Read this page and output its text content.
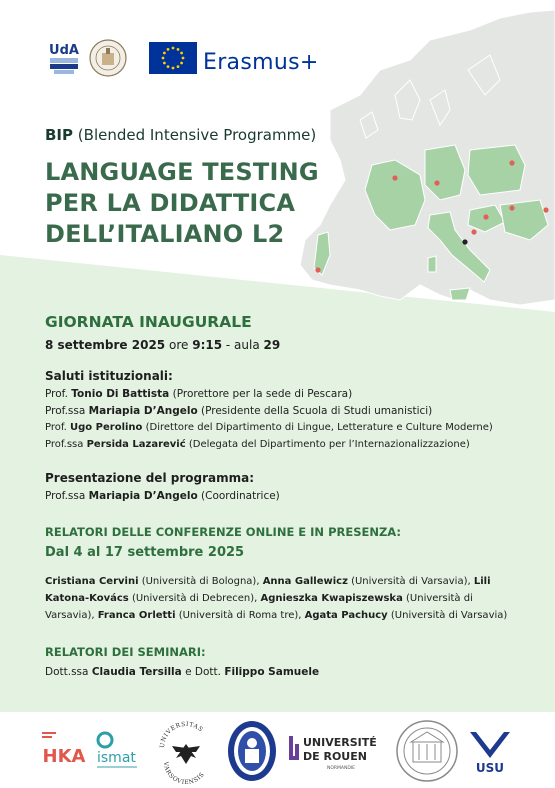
UdA	Erasmus+
BIP (Blended Intensive Programme)
LANGUAGE TESTING
PER LA DIDATTICA
DELL’ITALIANO L2
GIORNATA INAUGURALE
8 settembre 2025 ore 9:15 - aula 29
Saluti istituzionali:
Prof. Tonio Di Battista (Prorettore per la sede di Pescara)
Prof.ssa Mariapia D’Angelo (Presidente della Scuola di Studi umanistici)
Prof. Ugo Perolino (Direttore del Dipartimento di Lingue, Letterature e Culture Moderne)
Prof.ssa Persida Lazarević (Delegata del Dipartimento per l’Internazionalizzazione)
Presentazione del programma:
Prof.ssa Mariapia D’Angelo (Coordinatrice)
RELATORI DELLE CONFERENZE ONLINE E IN PRESENZA:
Dal 4 al 17 settembre 2025
Cristiana Cervini (Università di Bologna), Anna Gallewicz (Università di Varsavia), Lili
Katona-Kovács (Università di Debrecen), Agnieszka Kwapiszewska (Università di
Varsavia), Franca Orletti (Università di Roma tre), Agata Pachucy (Università di Varsavia)
RELATORI DEI SEMINARI:
Dott.ssa Claudia Tersilla e Dott. Filippo Samuele
HKA ismat
UNIVERSITAS
VARSOVIENSIS
UNIVERSITÉ
DE ROUEN
NORMANDIE	USU
